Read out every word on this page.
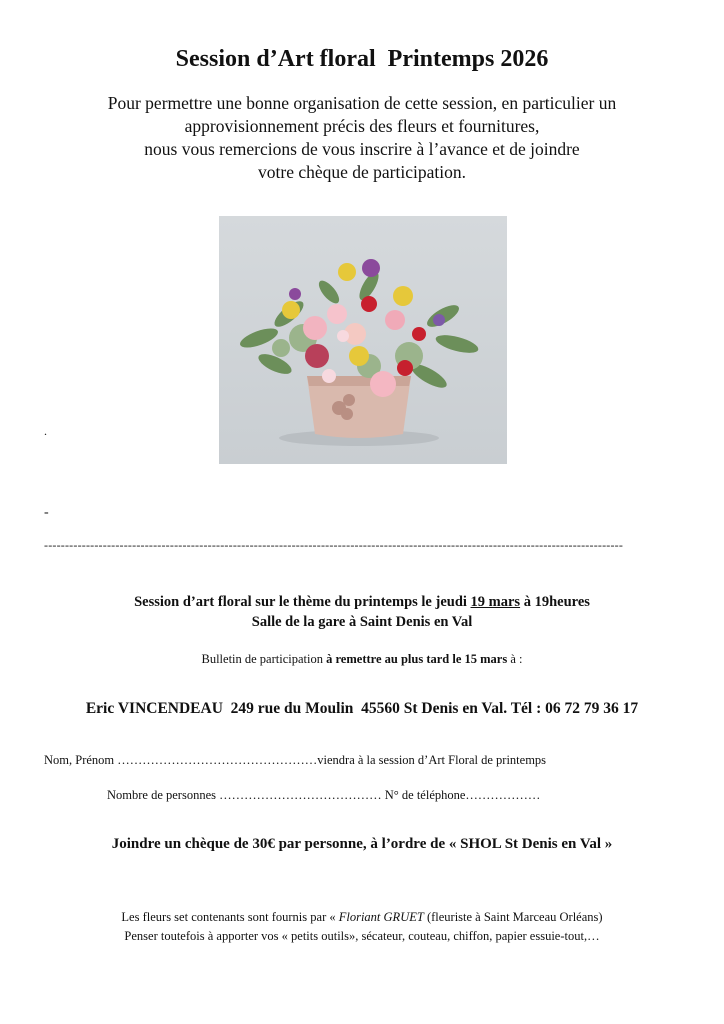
Session d’Art floral  Printemps 2026
Pour permettre une bonne organisation de cette session, en particulier un
approvisionnement précis des fleurs et fournitures,
nous vous remercions de vous inscrire à l’avance et de joindre
votre chèque de participation.
.
-
------------------------------------------------------------------------------------------------------------------------------------------
Session d’art floral sur le thème du printemps le jeudi 19 mars à 19heures
Salle de la gare à Saint Denis en Val
Bulletin de participation à remettre au plus tard le 15 mars à :
Eric VINCENDEAU  249 rue du Moulin  45560 St Denis en Val. Tél : 06 72 79 36 17
Nom, Prénom …………………………………………viendra à la session d’Art Floral de printemps
Nombre de personnes ………………………………… N° de téléphone………………
Joindre un chèque de 30€ par personne, à l’ordre de « SHOL St Denis en Val »
Les fleurs set contenants sont fournis par « Floriant GRUET (fleuriste à Saint Marceau Orléans)
Penser toutefois à apporter vos « petits outils», sécateur, couteau, chiffon, papier essuie-tout,…
